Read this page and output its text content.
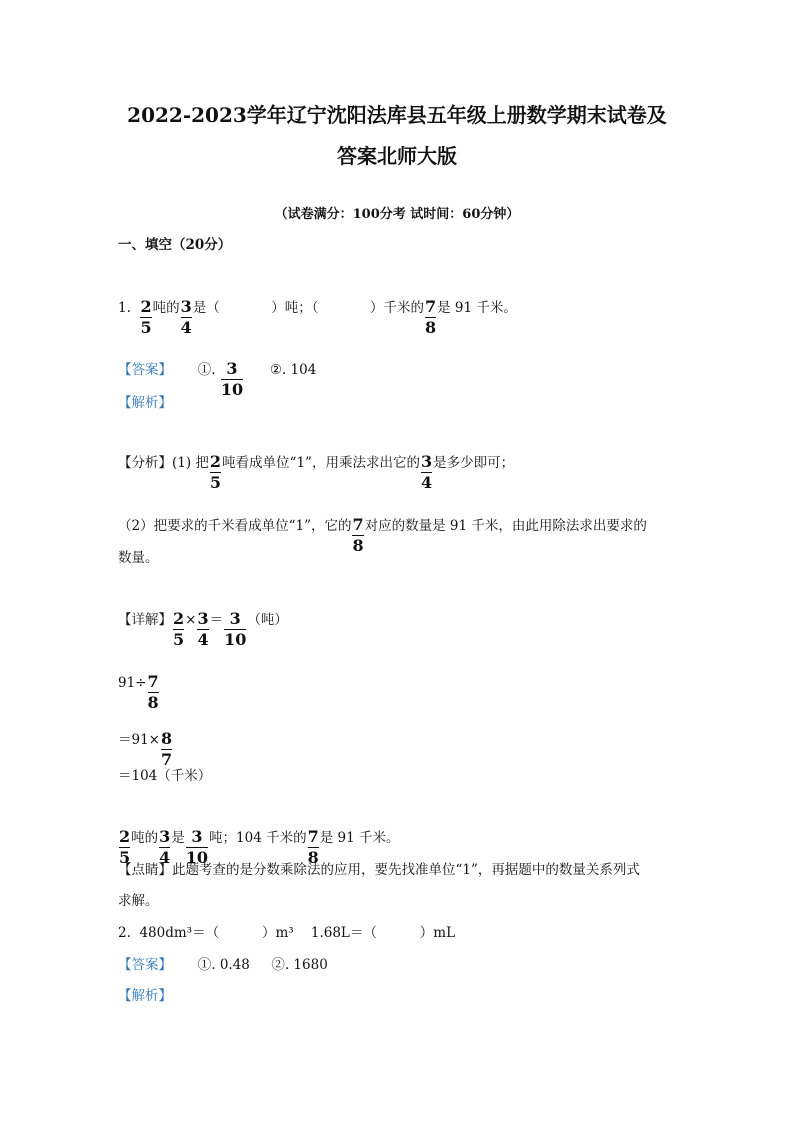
2022-2023学年辽宁沈阳法库县五年级上册数学期末试卷及
答案北师大版
（试卷满分：100分考 试时间：60分钟）
一、填空（20分）
1. $\frac{2}{5}$ 吨的 $\frac{3}{4}$ 是（            ）吨；（            ）千米的 $\frac{7}{8}$ 是 91 千米。
【答案】      ①. $\frac{3}{10}$ ②. 104
【解析】
【分析】(1) 把 $\frac{2}{5}$ 吨看成单位“1”，用乘法求出它的 $\frac{3}{4}$ 是多少即可；
（2）把要求的千米看成单位“1”，它的 $\frac{7}{8}$ 对应的数量是 91 千米，由此用除法求出要求的
数量。
【详解】 $\frac{2}{5} \times \frac{3}{4} = \frac{3}{10}$ （吨）
$91\div \frac{7}{8}$
$=91\times \frac{8}{7}$
＝104（千米）
$\frac{2}{5}$ 吨的 $\frac{3}{4}$ 是 $\frac{3}{10}$ 吨；104 千米的 $\frac{7}{8}$ 是 91 千米。
【点睛】此题考查的是分数乘除法的应用，要先找准单位“1”，再据题中的数量关系列式
求解。
2.  480dm³＝（          ）m³    1.68L＝（          ）mL
【答案】      ①. 0.48     ②. 1680
【解析】
